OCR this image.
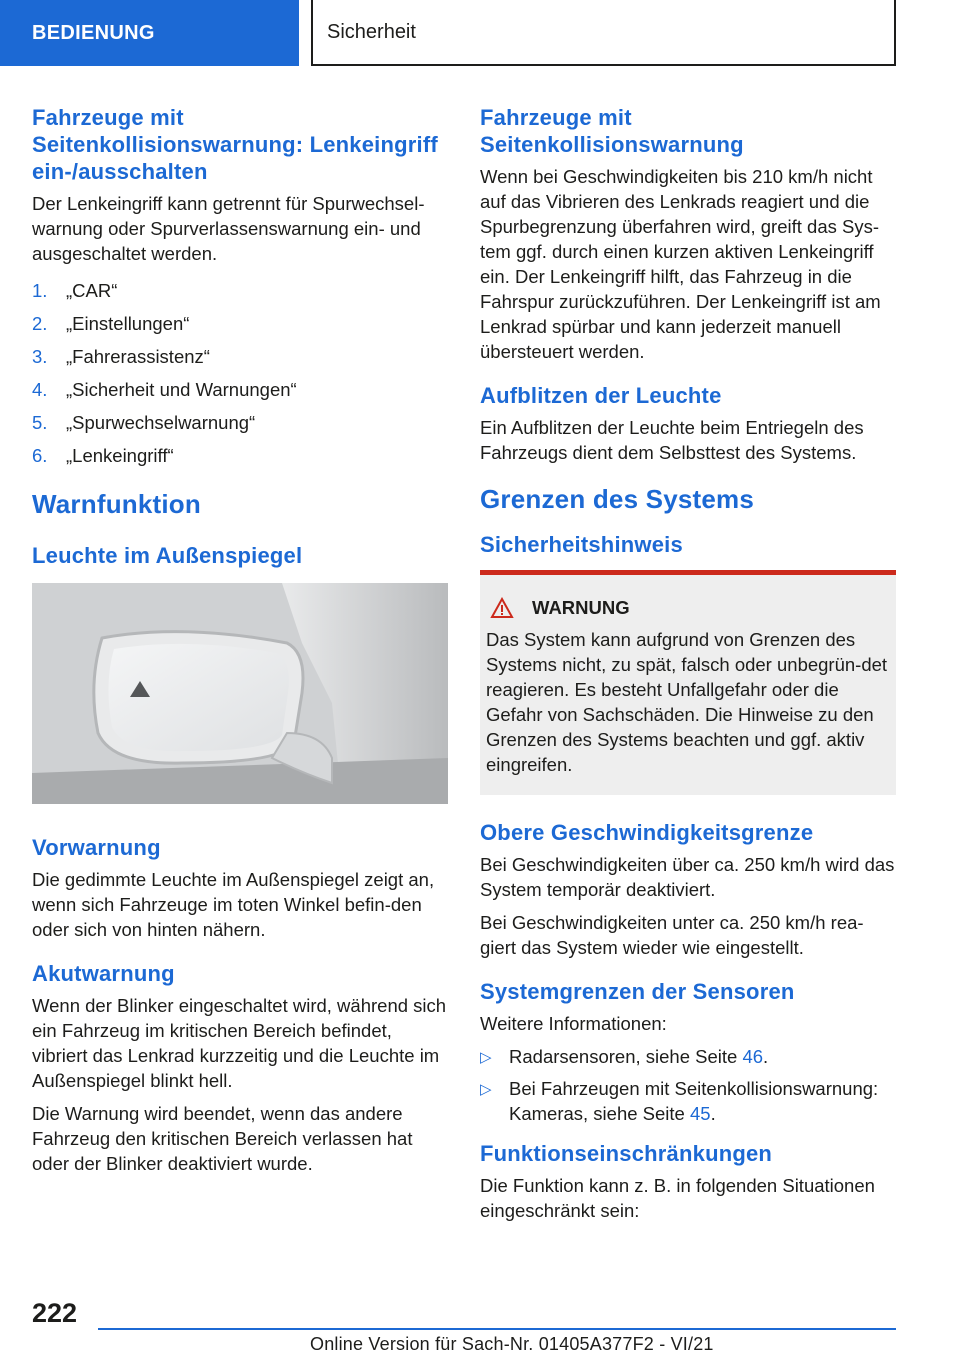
BEDIENUNG	Sicherheit
Fahrzeuge mit Seitenkollisionswarnung: Lenkeingriff ein-/ausschalten

Der Lenkeingriff kann getrennt für Spurwechsel-warnung oder Spurverlassenswarnung ein- und ausgeschaltet werden.

1.	„CAR“
2.	„Einstellungen“
3.	„Fahrerassistenz“
4.	„Sicherheit und Warnungen“
5.	„Spurwechselwarnung“
6.	„Lenkeingriff“
Warnfunktion
Leuchte im Außenspiegel
Vorwarnung

Die gedimmte Leuchte im Außenspiegel zeigt an, wenn sich Fahrzeuge im toten Winkel befin-den oder sich von hinten nähern.

Akutwarnung

Wenn der Blinker eingeschaltet wird, während sich ein Fahrzeug im kritischen Bereich befindet, vibriert das Lenkrad kurzzeitig und die Leuchte im Außenspiegel blinkt hell.

Die Warnung wird beendet, wenn das andere Fahrzeug den kritischen Bereich verlassen hat oder der Blinker deaktiviert wurde.

Fahrzeuge mit Seitenkollisionswarnung

Wenn bei Geschwindigkeiten bis 210 km/h nicht auf das Vibrieren des Lenkrads reagiert und die Spurbegrenzung überfahren wird, greift das Sys-tem ggf. durch einen kurzen aktiven Lenkeingriff ein. Der Lenkeingriff hilft, das Fahrzeug in die Fahrspur zurückzuführen. Der Lenkeingriff ist am Lenkrad spürbar und kann jederzeit manuell übersteuert werden.

Aufblitzen der Leuchte

Ein Aufblitzen der Leuchte beim Entriegeln des Fahrzeugs dient dem Selbsttest des Systems.

Grenzen des Systems
Sicherheitshinweis
WARNUNG

Das System kann aufgrund von Grenzen des Systems nicht, zu spät, falsch oder unbegrün-det reagieren. Es besteht Unfallgefahr oder die Gefahr von Sachschäden. Die Hinweise zu den Grenzen des Systems beachten und ggf. aktiv eingreifen.

Obere Geschwindigkeitsgrenze

Bei Geschwindigkeiten über ca. 250 km/h wird das System temporär deaktiviert.

Bei Geschwindigkeiten unter ca. 250 km/h rea-giert das System wieder wie eingestellt.

Systemgrenzen der Sensoren

Weitere Informationen:

▷ Radarsensoren, siehe Seite 46.
▷ Bei Fahrzeugen mit Seitenkollisionswarnung: Kameras, siehe Seite 45.
Funktionseinschränkungen

Die Funktion kann z. B. in folgenden Situationen eingeschränkt sein:

222
Online Version für Sach-Nr. 01405A377F2 - VI/21
